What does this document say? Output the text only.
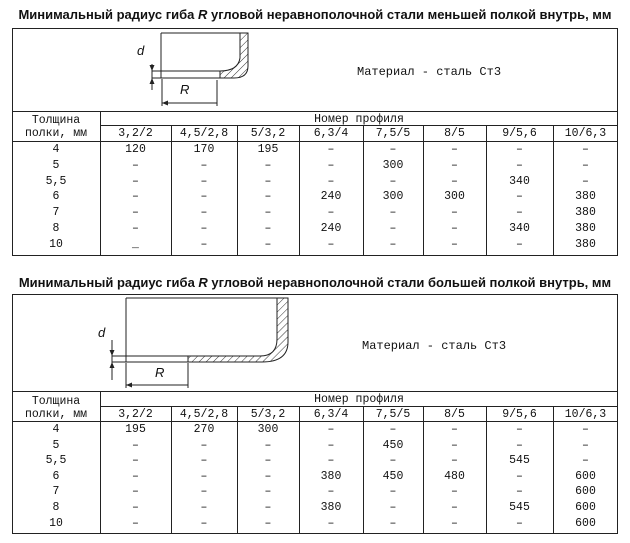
Минимальный радиус гиба R угловой неравнополочной стали меньшей полкой внутрь, мм
d
R
Материал - сталь Ст3
Толщина
полки, мм
Номер профиля
3,2/2	4,5/2,8	5/3,2	6,3/4	7,5/5	8/5	9/5,6	10/6,3
4	120	170	195	–	–	–	–	–
5	–	–	–	–	300	–	–	–
5,5	–	–	–	–	–	–	340	–
6	–	–	–	240	300	300	–	380
7	–	–	–	–	–	–	–	380
8	–	–	–	240	–	–	340	380
10	_	–	–	–	–	–	–	380
Минимальный радиус гиба R угловой неравнополочной стали большей полкой внутрь, мм
d
R
Материал - сталь Ст3
Толщина
полки, мм
Номер профиля
3,2/2	4,5/2,8	5/3,2	6,3/4	7,5/5	8/5	9/5,6	10/6,3
4	195	270	300	–	–	–	–	–
5	–	–	–	–	450	–	–	–
5,5	–	–	–	–	–	–	545	–
6	–	–	–	380	450	480	–	600
7	–	–	–	–	–	–	–	600
8	–	–	–	380	–	–	545	600
10	–	–	–	–	–	–	–	600
